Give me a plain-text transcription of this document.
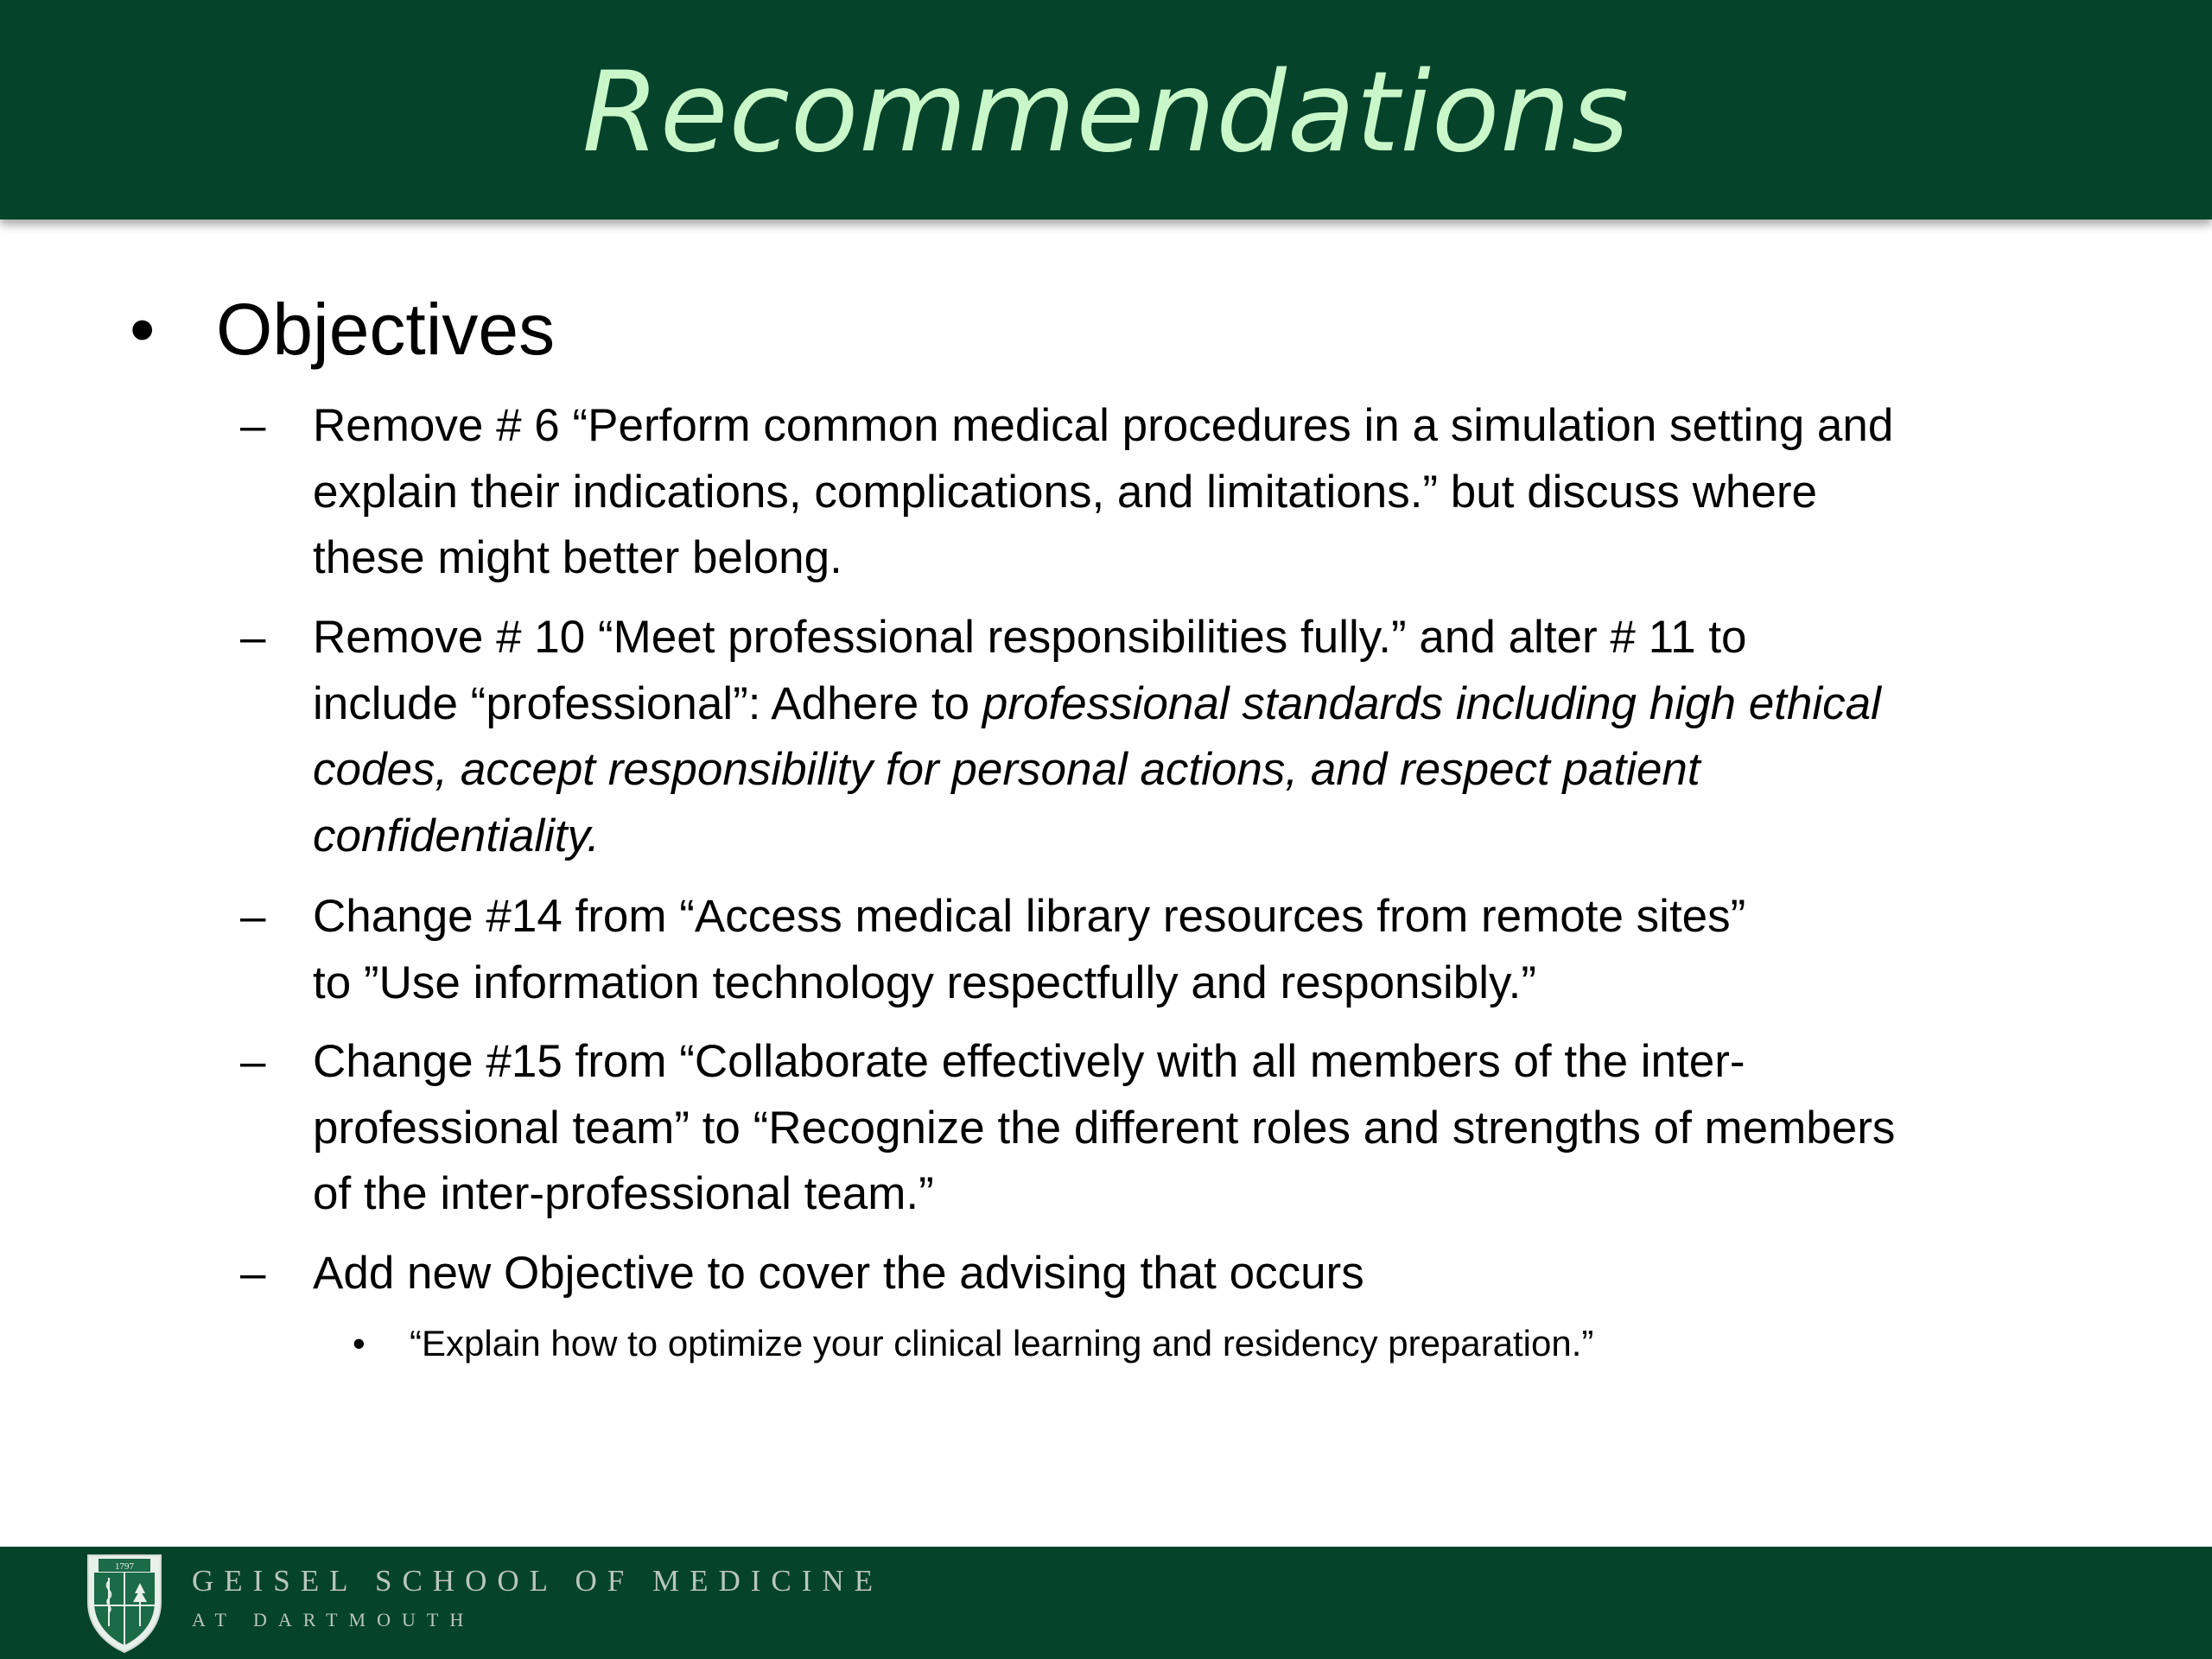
Recommendations
• Objectives
– Remove # 6 “Perform common medical procedures in a simulation setting and
explain their indications, complications, and limitations.” but discuss where
these might better belong.
– Remove # 10 “Meet professional responsibilities fully.” and alter # 11 to
include “professional”: Adhere to professional standards including high ethical
codes, accept responsibility for personal actions, and respect patient
confidentiality.
– Change #14 from “Access medical library resources from remote sites”
to ”Use information technology respectfully and responsibly.”
– Change #15 from “Collaborate effectively with all members of the inter-
professional team” to “Recognize the different roles and strengths of members
of the inter-professional team.”
– Add new Objective to cover the advising that occurs
• “Explain how to optimize your clinical learning and residency preparation.”
1797 GEISEL SCHOOL OF MEDICINE
AT DARTMOUTH
